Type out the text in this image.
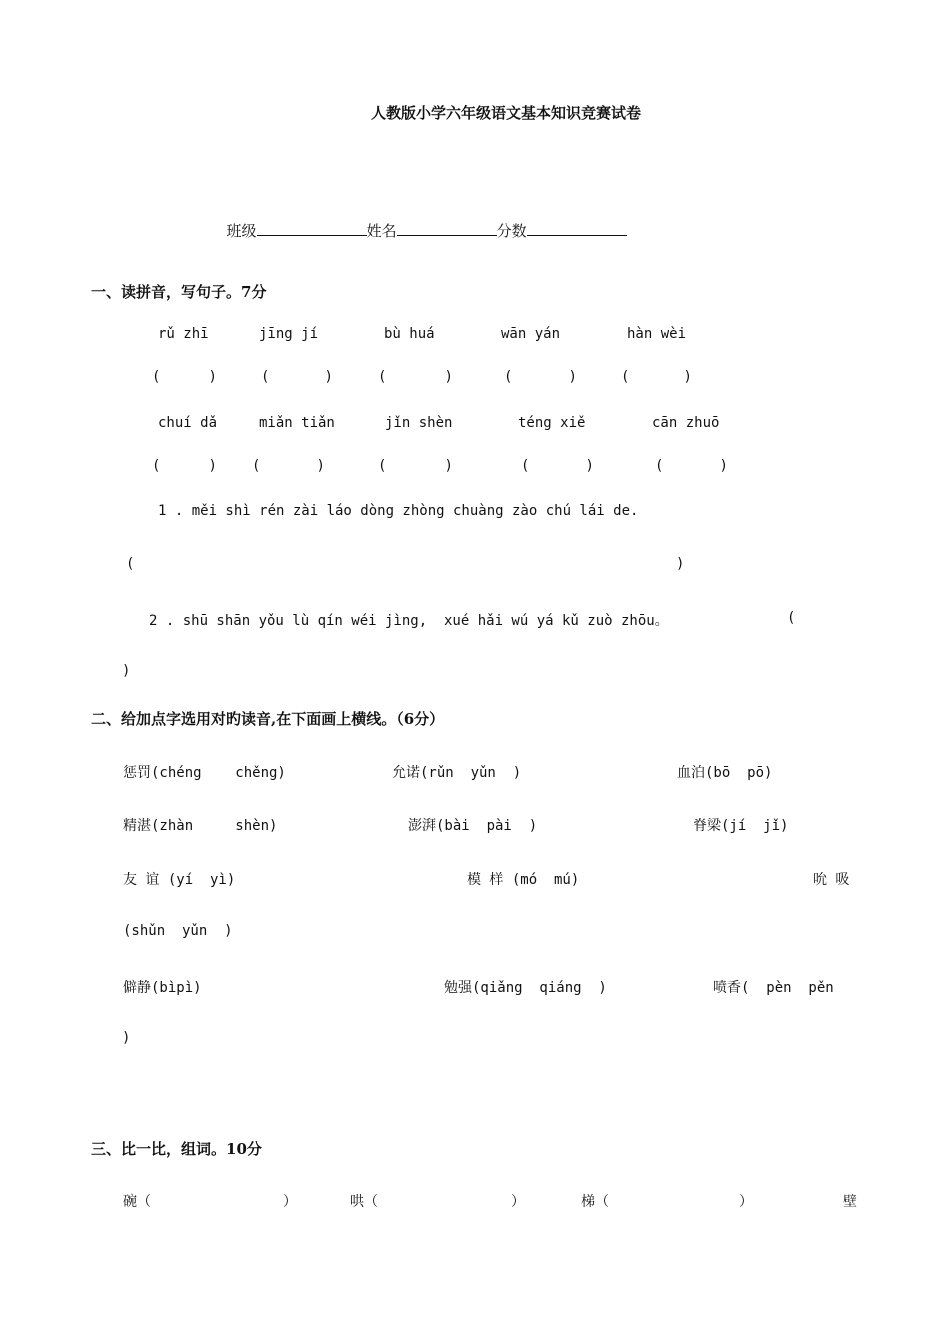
人教版小学六年级语文基本知识竞赛试卷

班级	姓名	分数

一、读拼音，写句子。7分
rǔ zhī	jīng jí	bù huá	wān yán	hàn wèi
(	)	(	)	(	)	(	)	(	)
chuí dǎ	miǎn tiǎn	jǐn shèn	téng xiě	cān zhuō
(	)	(	)	(	)	(	)	(	)
1 . měi shì rén zài láo dòng zhòng chuàng zào chú lái de.
(	)
2 . shū shān yǒu lù qín wéi jìng,  xué hǎi wú yá kǔ zuò zhōu。	(
)
二、给加点字选用对旳读音,在下面画上横线。（6分）
惩罚(chéng    chěng)	允诺(rǔn  yǔn  )	血泊(bō  pō)
精湛(zhàn     shèn)	澎湃(bài  pài  )	脊梁(jí  jǐ)
友 谊 (yí  yì)	模 样 (mó  mú)	吮 吸
(shǔn  yǔn  )
僻静(bìpì)	勉强(qiǎng  qiáng  )	喷香(  pèn  pěn
)
三、比一比，组词。10分
碗（	）	哄（	）	梯（	）	壁
